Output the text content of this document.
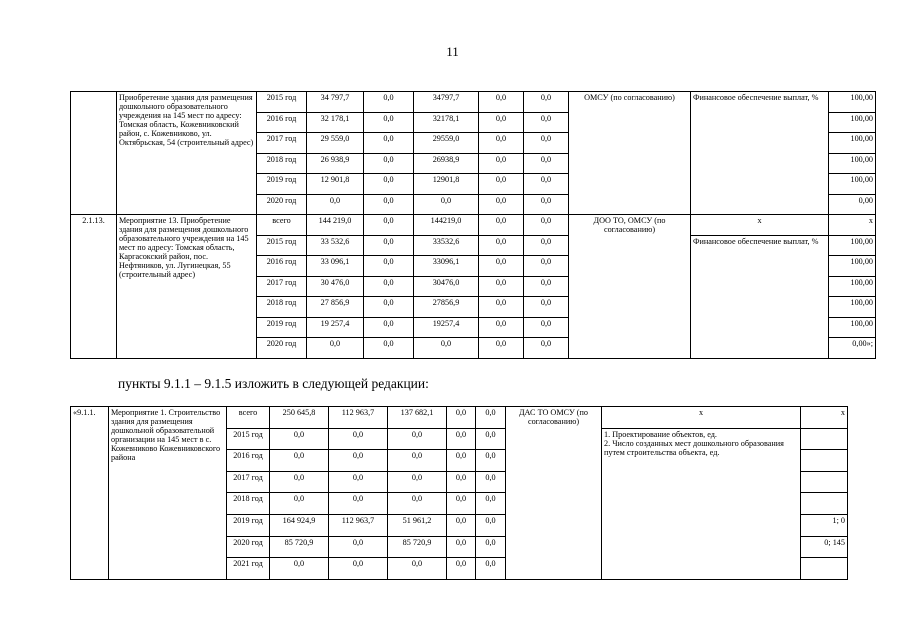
11
	Приобретение здания для размещения дошкольного образовательного учреждения на 145 мест по адресу: Томская область, Кожевниковский район, с. Кожевниково, ул. Октябрьская, 54 (строительный адрес)	2015 год	34 797,7	0,0	34797,7	0,0	0,0	ОМСУ (по согласованию)	Финансовое обеспечение выплат, %	100,00
		2016 год	32 178,1	0,0	32178,1	0,0	0,0			100,00
		2017 год	29 559,0	0,0	29559,0	0,0	0,0			100,00
		2018 год	26 938,9	0,0	26938,9	0,0	0,0			100,00
		2019 год	12 901,8	0,0	12901,8	0,0	0,0			100,00
		2020 год	0,0	0,0	0,0	0,0	0,0			0,00
2.1.13.	Мероприятие 13. Приобретение здания для размещения дошкольного образовательного учреждения на 145 мест по адресу: Томская область, Каргасокский район, пос. Нефтяников, ул. Лугинецкая, 55 (строительный адрес)	всего	144 219,0	0,0	144219,0	0,0	0,0	ДОО ТО, ОМСУ (по согласованию)	x	x
		2015 год	33 532,6	0,0	33532,6	0,0	0,0		Финансовое обеспечение выплат, %	100,00
		2016 год	33 096,1	0,0	33096,1	0,0	0,0			100,00
		2017 год	30 476,0	0,0	30476,0	0,0	0,0			100,00
		2018 год	27 856,9	0,0	27856,9	0,0	0,0			100,00
		2019 год	19 257,4	0,0	19257,4	0,0	0,0			100,00
		2020 год	0,0	0,0	0,0	0,0	0,0			0,00»;
пункты 9.1.1 – 9.1.5 изложить в следующей редакции:
«9.1.1.	Мероприятие 1. Строительство здания для размещения дошкольной образовательной организации на 145 мест в с. Кожевниково Кожевниковского района	всего	250 645,8	112 963,7	137 682,1	0,0	0,0	ДАС ТО ОМСУ (по согласованию)	x	x
		2015 год	0,0	0,0	0,0	0,0	0,0		1. Проектирование объектов, ед.
2. Число созданных мест дошкольного образования путем строительства объекта, ед.	

		2016 год	0,0	0,0	0,0	0,0	0,0			
		2017 год	0,0	0,0	0,0	0,0	0,0			
		2018 год	0,0	0,0	0,0	0,0	0,0			
		2019 год	164 924,9	112 963,7	51 961,2	0,0	0,0			1; 0
		2020 год	85 720,9	0,0	85 720,9	0,0	0,0			0; 145
		2021 год	0,0	0,0	0,0	0,0	0,0			
